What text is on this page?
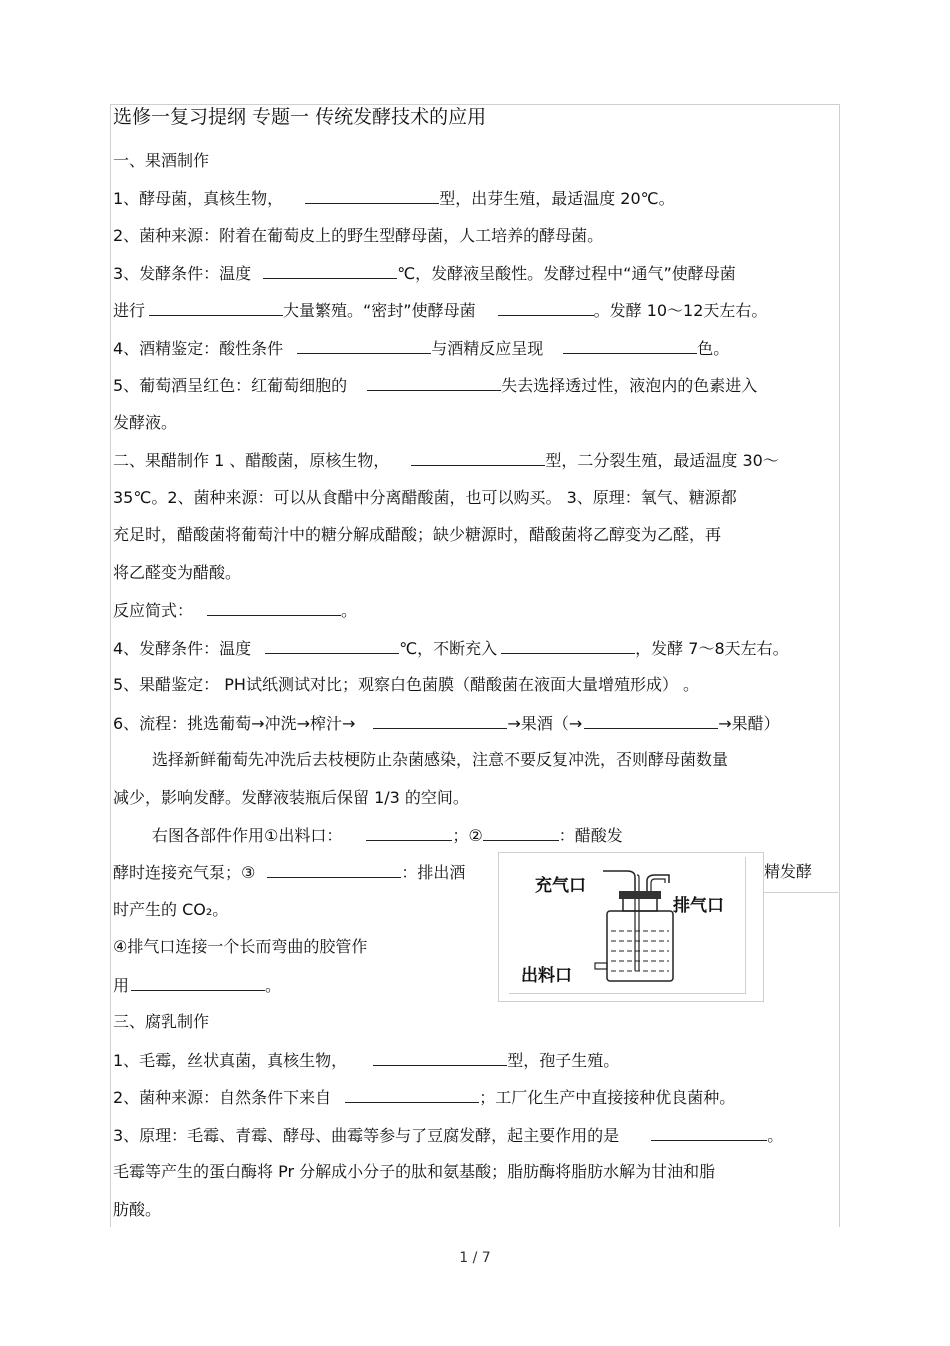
选修一复习提纲 专题一 传统发酵技术的应用
一、果酒制作
1、酵母菌，真核生物，	型，出芽生殖，最适温度 20℃。
2、菌种来源：附着在葡萄皮上的野生型酵母菌，人工培养的酵母菌。
3、发酵条件：温度	℃，发酵液呈酸性。发酵过程中“通气”使酵母菌
进行	大量繁殖。“密封”使酵母菌	。发酵 10～12天左右。
4、酒精鉴定：酸性条件	与酒精反应呈现	色。
5、葡萄酒呈红色：红葡萄细胞的	失去选择透过性，液泡内的色素进入
发酵液。
二、果醋制作 1 、醋酸菌，原核生物，	型，二分裂生殖，最适温度 30～
35℃。2、菌种来源：可以从食醋中分离醋酸菌，也可以购买。 3、原理：氧气、糖源都
充足时，醋酸菌将葡萄汁中的糖分解成醋酸；缺少糖源时，醋酸菌将乙醇变为乙醛，再
将乙醛变为醋酸。
反应简式：	。
4、发酵条件：温度	℃，不断充入	，发酵 7～8天左右。
5、果醋鉴定： PH试纸测试对比；观察白色菌膜（醋酸菌在液面大量增殖形成） 。
6、流程：挑选葡萄→冲洗→榨汁→	→果酒（→	→果醋）
选择新鲜葡萄先冲洗后去枝梗防止杂菌感染，注意不要反复冲洗，否则酵母菌数量
减少，影响发酵。发酵液装瓶后保留 1/3 的空间。
右图各部件作用①出料口：	；②	：醋酸发
酵时连接充气泵；③	：排出酒	精发酵
时产生的 CO₂。
④排气口连接一个长而弯曲的胶管作
用	。
充气口
排气口
出料口
三、腐乳制作
1、毛霉，丝状真菌，真核生物，	型，孢子生殖。
2、菌种来源：自然条件下来自	；工厂化生产中直接接种优良菌种。
3、原理：毛霉、青霉、酵母、曲霉等参与了豆腐发酵，起主要作用的是	。
毛霉等产生的蛋白酶将 Pr 分解成小分子的肽和氨基酸；脂肪酶将脂肪水解为甘油和脂
肪酸。
1 / 7
